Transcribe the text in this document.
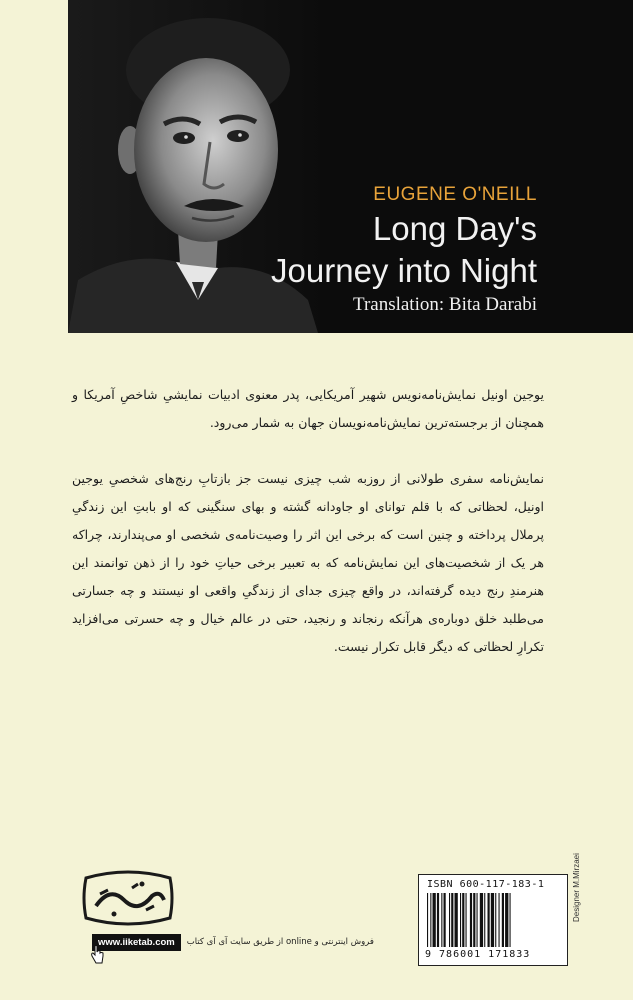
EUGENE O'NEILL
Long Day's
Journey into Night
Translation: Bita Darabi

یوجین اونیل نمایش‌نامه‌نویس شهیر آمریکایی، پدر معنوی ادبیات نمایشیِ شاخصِ آمریکا و همچنان از برجسته‌ترین نمایش‌نامه‌نویسان جهان به شمار می‌رود.

نمایش‌نامه سفری طولانی از روزبه شب چیزی نیست جز بازتابِ رنج‌های شخصیِ یوجین اونیل، لحظاتی که با قلم توانای او جاودانه گشته و بهای سنگینی که او بابتِ این زندگیِ پرملال پرداخته و چنین است که برخی این اثر را وصیت‌نامه‌ی شخصی او می‌پندارند، چراکه هر یک از شخصیت‌های این نمایش‌نامه که به تعبیر برخی حیاتِ خود را از ذهن توانمند این هنرمندِ رنج دیده گرفته‌اند، در واقع چیزی جدای از زندگیِ واقعی او نیستند و چه جسارتی می‌طلبد خلق دوباره‌ی هرآنکه رنجاند و رنجید، حتی در عالم خیال و چه حسرتی می‌افزاید تکرارِ لحظاتی که دیگر قابل تکرار نیست.

www.iiketab.com	فروش اینترنتی و online از طریق سایت آی آی کتاب
ISBN 600-117-183-1
9 786001 171833
Designer M.Mirzaei
